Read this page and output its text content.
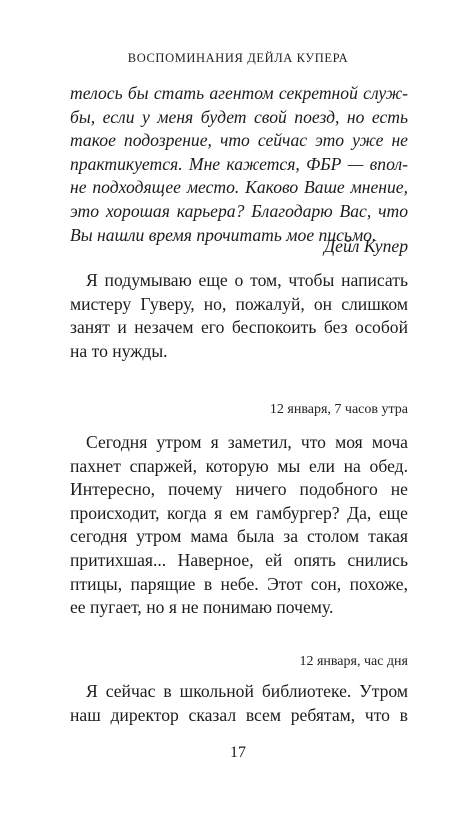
ВОСПОМИНАНИЯ ДЕЙЛА КУПЕРА
телось бы стать агентом секретной служ-
бы, если у меня будет свой поезд, но есть
такое подозрение, что сейчас это уже не
практикуется. Мне кажется, ФБР — впол-
не подходящее место. Каково Ваше мнение,
это хорошая карьера? Благодарю Вас, что
Вы нашли время прочитать мое письмо.
Дейл Купер
Я подумываю еще о том, чтобы написать
мистеру Гуверу, но, пожалуй, он слишком
занят и незачем его беспокоить без особой
на то нужды.
12 января, 7 часов утра
Сегодня утром я заметил, что моя моча
пахнет спаржей, которую мы ели на обед.
Интересно, почему ничего подобного не
происходит, когда я ем гамбургер? Да, еще
сегодня утром мама была за столом такая
притихшая... Наверное, ей опять снились
птицы, парящие в небе. Этот сон, похоже,
ее пугает, но я не понимаю почему.
12 января, час дня
Я сейчас в школьной библиотеке. Утром
наш директор сказал всем ребятам, что в
17
